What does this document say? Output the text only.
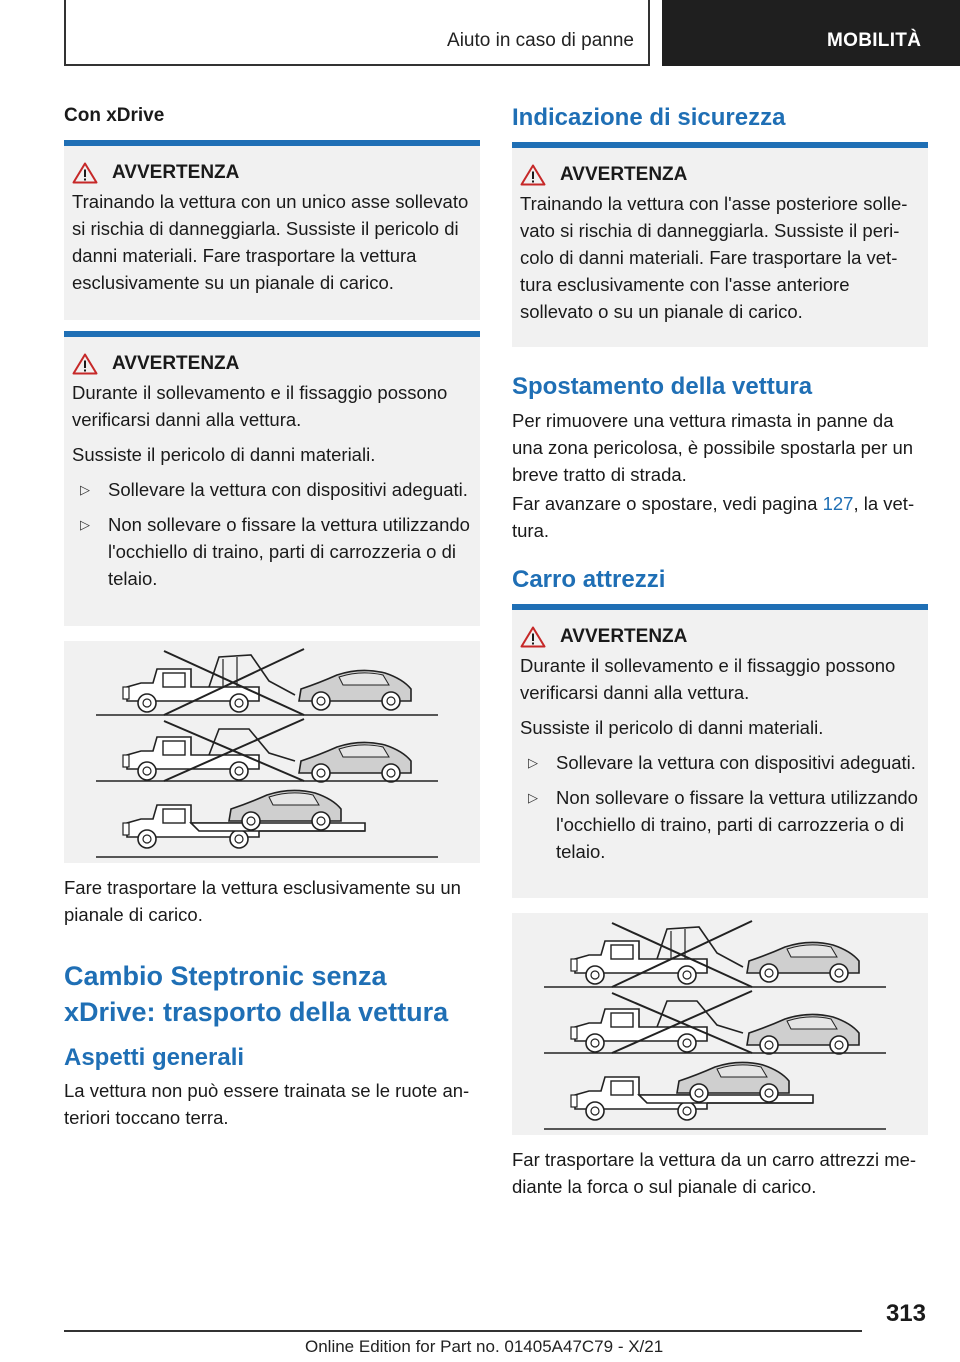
Aiuto in caso di panne	MOBILITÀ
Con xDrive
AVVERTENZA

Trainando la vettura con un unico asse sollevato si rischia di danneggiarla. Sussiste il pericolo di danni materiali. Fare trasportare la vettura esclusivamente su un pianale di carico.

AVVERTENZA

Durante il sollevamento e il fissaggio possono verificarsi danni alla vettura.

Sussiste il pericolo di danni materiali.

▷ Sollevare la vettura con dispositivi adeguati.
▷ Non sollevare o fissare la vettura utilizzando l'occhiello di traino, parti di carrozzeria o di telaio.
Fare trasportare la vettura esclusivamente su un pianale di carico.
Cambio Steptronic senza xDrive: trasporto della vettura
Aspetti generali
La vettura non può essere trainata se le ruote anteriori toccano terra.
Indicazione di sicurezza
AVVERTENZA

Trainando la vettura con l'asse posteriore sollevato si rischia di danneggiarla. Sussiste il pericolo di danni materiali. Fare trasportare la vettura esclusivamente con l'asse anteriore sollevato o su un pianale di carico.

Spostamento della vettura
Per rimuovere una vettura rimasta in panne da una zona pericolosa, è possibile spostarla per un breve tratto di strada.
Far avanzare o spostare, vedi pagina 127, la vettura.
Carro attrezzi
AVVERTENZA

Durante il sollevamento e il fissaggio possono verificarsi danni alla vettura.

Sussiste il pericolo di danni materiali.

▷ Sollevare la vettura con dispositivi adeguati.
▷ Non sollevare o fissare la vettura utilizzando l'occhiello di traino, parti di carrozzeria o di telaio.
Far trasportare la vettura da un carro attrezzi mediante la forca o sul pianale di carico.
313
Online Edition for Part no. 01405A47C79 - X/21
